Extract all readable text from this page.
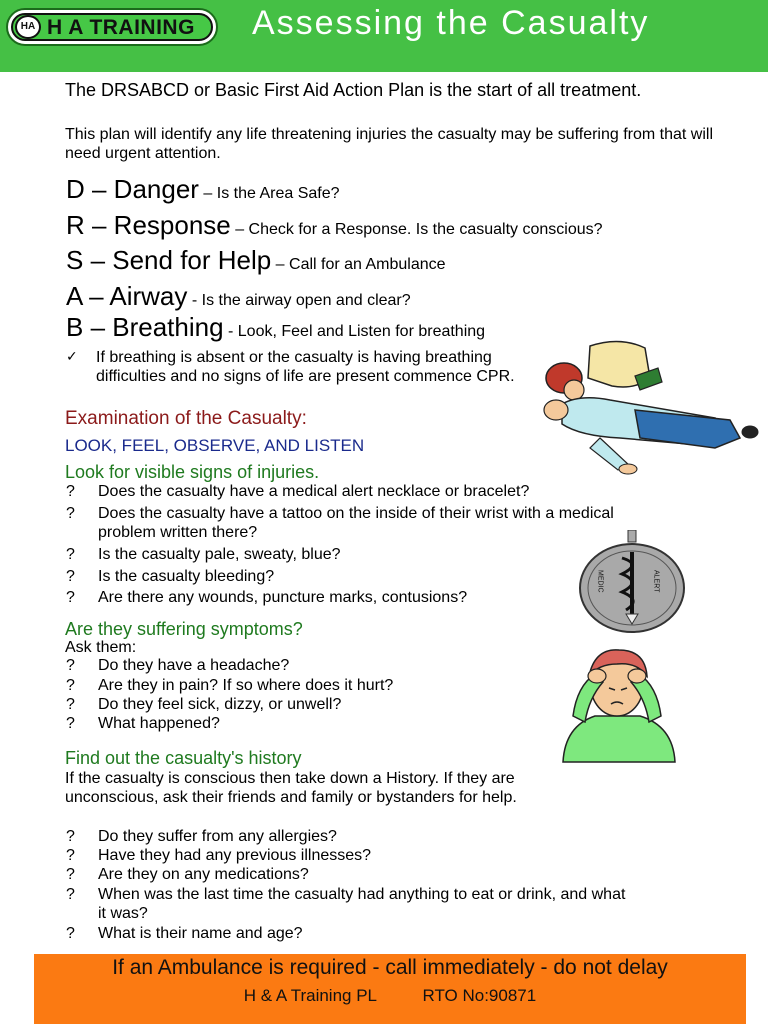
HA H A TRAINING Assessing the Casualty
The DRSABCD or Basic First Aid Action Plan is the start of all treatment.
This plan will identify any life threatening injuries the casualty may be suffering from that will need urgent attention.
D – Danger – Is the Area Safe?
R – Response – Check for a Response. Is the casualty conscious?
S – Send for Help – Call for an Ambulance
A – Airway - Is the airway open and clear?
B – Breathing - Look, Feel and Listen for breathing
✓	If breathing is absent or the casualty is having breathing difficulties and no signs of life are present commence CPR.
Examination of the Casualty:
LOOK, FEEL, OBSERVE, AND LISTEN
Look for visible signs of injuries.
?	Does the casualty have a medical alert necklace or bracelet?
?	Does the casualty have a tattoo on the inside of their wrist with a medical problem written there?
?	Is the casualty pale, sweaty, blue?
?	Is the casualty bleeding?
?	Are there any wounds, puncture marks, contusions?
MEDIC	ALERT
Are they suffering symptoms?
Ask them:
?	Do they have a headache?
?	Are they in pain? If so where does it hurt?
?	Do they feel sick, dizzy, or unwell?
?	What happened?
Find out the casualty's history
If the casualty is conscious then take down a History. If they are unconscious, ask their friends and family or bystanders for help.
?	Do they suffer from any allergies?
?	Have they had any previous illnesses?
?	Are they on any medications?
?	When was the last time the casualty had anything to eat or drink, and what it was?
?	What is their name and age?
If an Ambulance is required - call immediately - do not delay
H & A Training PL	RTO No:90871
